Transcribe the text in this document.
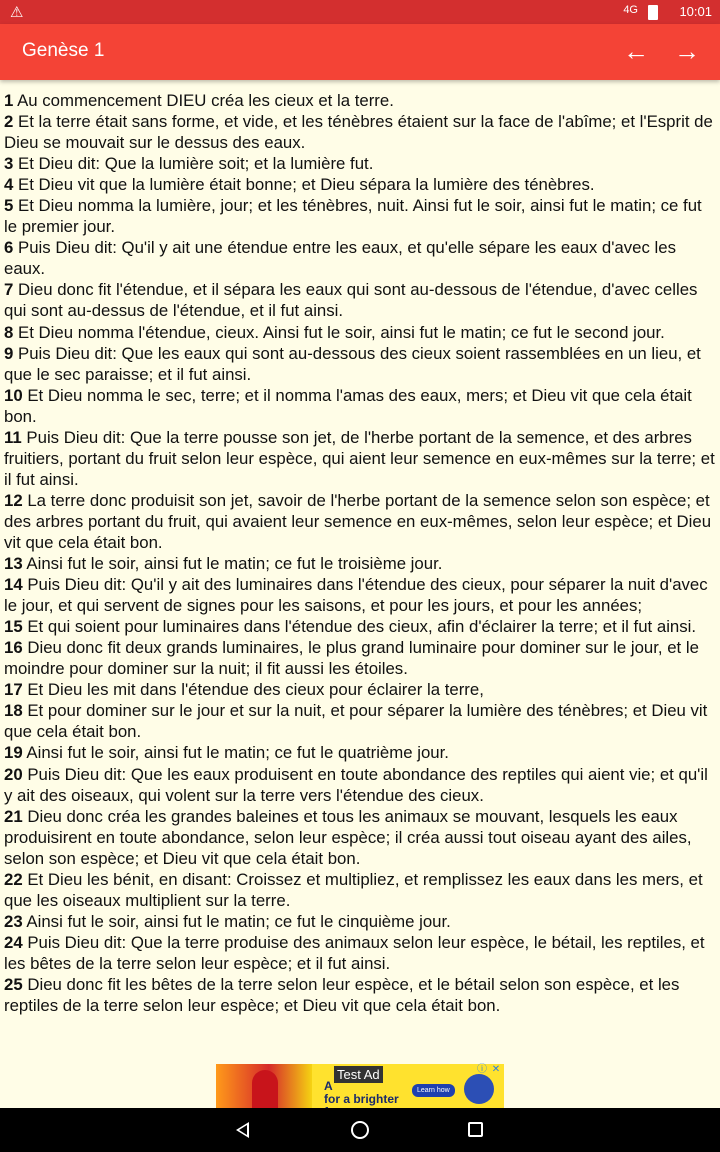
⚠	4G	10:01
Genèse 1	← →
1 Au commencement DIEU créa les cieux et la terre.
2 Et la terre était sans forme, et vide, et les ténèbres étaient sur la face de l'abîme; et l'Esprit de Dieu se mouvait sur le dessus des eaux.
3 Et Dieu dit: Que la lumière soit; et la lumière fut.
4 Et Dieu vit que la lumière était bonne; et Dieu sépara la lumière des ténèbres.
5 Et Dieu nomma la lumière, jour; et les ténèbres, nuit. Ainsi fut le soir, ainsi fut le matin; ce fut le premier jour.
6 Puis Dieu dit: Qu'il y ait une étendue entre les eaux, et qu'elle sépare les eaux d'avec les eaux.
7 Dieu donc fit l'étendue, et il sépara les eaux qui sont au-dessous de l'étendue, d'avec celles qui sont au-dessus de l'étendue, et il fut ainsi.
8 Et Dieu nomma l'étendue, cieux. Ainsi fut le soir, ainsi fut le matin; ce fut le second jour.
9 Puis Dieu dit: Que les eaux qui sont au-dessous des cieux soient rassemblées en un lieu, et que le sec paraisse; et il fut ainsi.
10 Et Dieu nomma le sec, terre; et il nomma l'amas des eaux, mers; et Dieu vit que cela était bon.
11 Puis Dieu dit: Que la terre pousse son jet, de l'herbe portant de la semence, et des arbres fruitiers, portant du fruit selon leur espèce, qui aient leur semence en eux-mêmes sur la terre; et il fut ainsi.
12 La terre donc produisit son jet, savoir de l'herbe portant de la semence selon son espèce; et des arbres portant du fruit, qui avaient leur semence en eux-mêmes, selon leur espèce; et Dieu vit que cela était bon.
13 Ainsi fut le soir, ainsi fut le matin; ce fut le troisième jour.
14 Puis Dieu dit: Qu'il y ait des luminaires dans l'étendue des cieux, pour séparer la nuit d'avec le jour, et qui servent de signes pour les saisons, et pour les jours, et pour les années;
15 Et qui soient pour luminaires dans l'étendue des cieux, afin d'éclairer la terre; et il fut ainsi.
16 Dieu donc fit deux grands luminaires, le plus grand luminaire pour dominer sur le jour, et le moindre pour dominer sur la nuit; il fit aussi les étoiles.
17 Et Dieu les mit dans l'étendue des cieux pour éclairer la terre,
18 Et pour dominer sur le jour et sur la nuit, et pour séparer la lumière des ténèbres; et Dieu vit que cela était bon.
19 Ainsi fut le soir, ainsi fut le matin; ce fut le quatrième jour.
20 Puis Dieu dit: Que les eaux produisent en toute abondance des reptiles qui aient vie; et qu'il y ait des oiseaux, qui volent sur la terre vers l'étendue des cieux.
21 Dieu donc créa les grandes baleines et tous les animaux se mouvant, lesquels les eaux produisirent en toute abondance, selon leur espèce; il créa aussi tout oiseau ayant des ailes, selon son espèce; et Dieu vit que cela était bon.
22 Et Dieu les bénit, en disant: Croissez et multipliez, et remplissez les eaux dans les mers, et que les oiseaux multiplient sur la terre.
23 Ainsi fut le soir, ainsi fut le matin; ce fut le cinquième jour.
24 Puis Dieu dit: Que la terre produise des animaux selon leur espèce, le bétail, les reptiles, et les bêtes de la terre selon leur espèce; et il fut ainsi.
25 Dieu donc fit les bêtes de la terre selon leur espèce, et le bétail selon son espèce, et les reptiles de la terre selon leur espèce; et Dieu vit que cela était bon.
Test Ad
A
for a brighter

Learn how
ⓘ ✕
